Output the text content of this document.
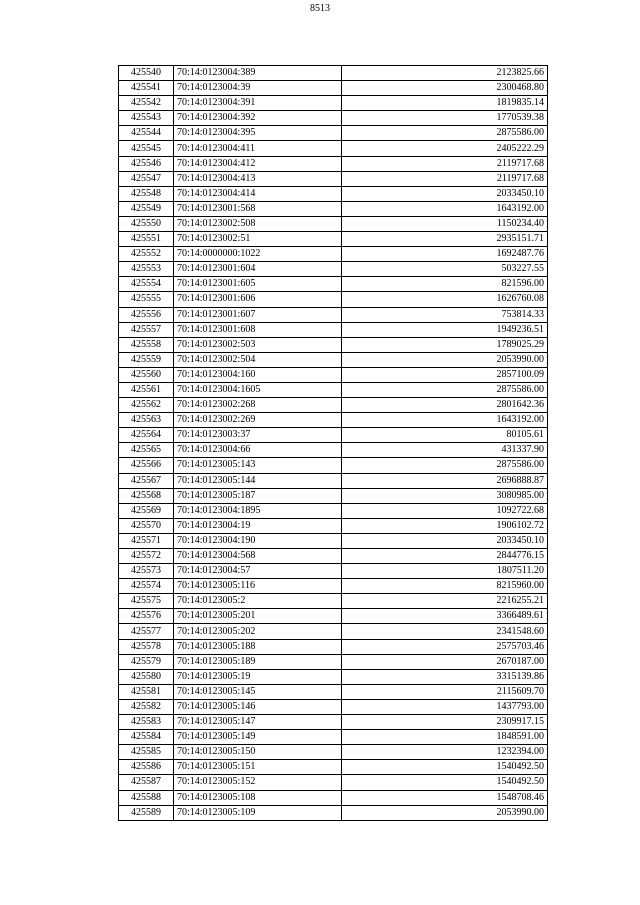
8513
425540	70:14:0123004:389	2123825.66
425541	70:14:0123004:39	2300468.80
425542	70:14:0123004:391	1819835.14
425543	70:14:0123004:392	1770539.38
425544	70:14:0123004:395	2875586.00
425545	70:14:0123004:411	2405222.29
425546	70:14:0123004:412	2119717.68
425547	70:14:0123004:413	2119717.68
425548	70:14:0123004:414	2033450.10
425549	70:14:0123001:568	1643192.00
425550	70:14:0123002:508	1150234.40
425551	70:14:0123002:51	2935151.71
425552	70:14:0000000:1022	1692487.76
425553	70:14:0123001:604	503227.55
425554	70:14:0123001:605	821596.00
425555	70:14:0123001:606	1626760.08
425556	70:14:0123001:607	753814.33
425557	70:14:0123001:608	1949236.51
425558	70:14:0123002:503	1789025.29
425559	70:14:0123002:504	2053990.00
425560	70:14:0123004:160	2857100.09
425561	70:14:0123004:1605	2875586.00
425562	70:14:0123002:268	2801642.36
425563	70:14:0123002:269	1643192.00
425564	70:14:0123003:37	80105.61
425565	70:14:0123004:66	431337.90
425566	70:14:0123005:143	2875586.00
425567	70:14:0123005:144	2696888.87
425568	70:14:0123005:187	3080985.00
425569	70:14:0123004:1895	1092722.68
425570	70:14:0123004:19	1906102.72
425571	70:14:0123004:190	2033450.10
425572	70:14:0123004:568	2844776.15
425573	70:14:0123004:57	1807511.20
425574	70:14:0123005:116	8215960.00
425575	70:14:0123005:2	2216255.21
425576	70:14:0123005:201	3366489.61
425577	70:14:0123005:202	2341548.60
425578	70:14:0123005:188	2575703.46
425579	70:14:0123005:189	2670187.00
425580	70:14:0123005:19	3315139.86
425581	70:14:0123005:145	2115609.70
425582	70:14:0123005:146	1437793.00
425583	70:14:0123005:147	2309917.15
425584	70:14:0123005:149	1848591.00
425585	70:14:0123005:150	1232394.00
425586	70:14:0123005:151	1540492.50
425587	70:14:0123005:152	1540492.50
425588	70:14:0123005:108	1548708.46
425589	70:14:0123005:109	2053990.00
